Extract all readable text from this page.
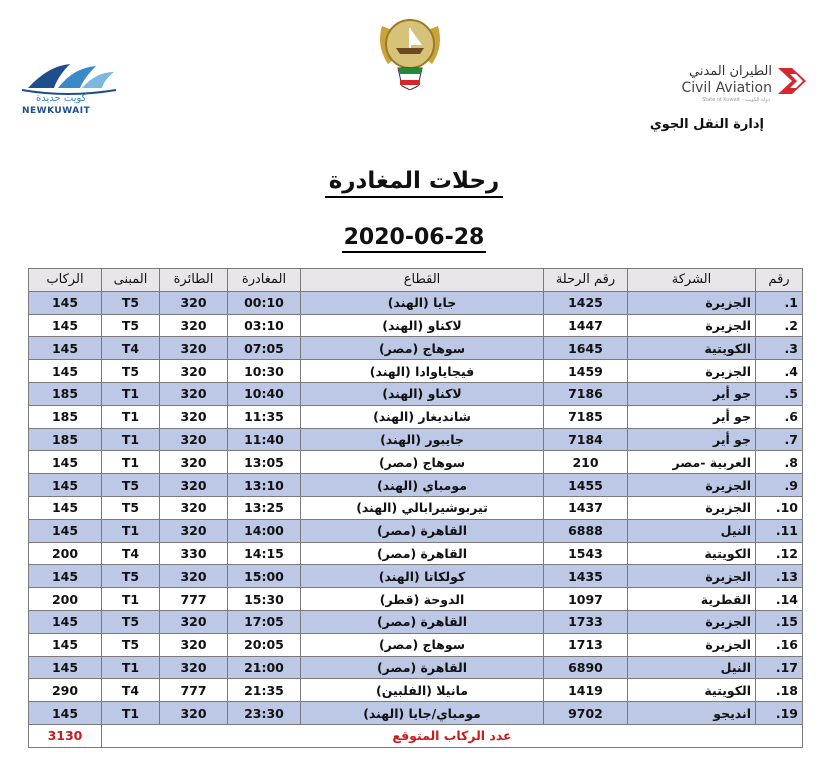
كويت جديدة
NEWKUWAIT
الطيران المدني
Civil Aviation
State of Kuwait - دولة الكويت
إدارة النقل الجوي
رحلات المغادرة
2020-06-28
رقم	الشركة	رقم الرحلة	القطاع	المغادرة	الطائرة	المبنى	الركاب
1.	الجزيرة	1425	جايا (الهند)	00:10	320	T5	145
2.	الجزيرة	1447	لاكناو (الهند)	03:10	320	T5	145
3.	الكويتية	1645	سوهاج (مصر)	07:05	320	T4	145
4.	الجزيرة	1459	فيجاياوادا (الهند)	10:30	320	T5	145
5.	جو أير	7186	لاكناو (الهند)	10:40	320	T1	185
6.	جو أير	7185	شانديغار (الهند)	11:35	320	T1	185
7.	جو أير	7184	جايبور (الهند)	11:40	320	T1	185
8.	العربية -مصر	210	سوهاج (مصر)	13:05	320	T1	145
9.	الجزيرة	1455	مومباي (الهند)	13:10	320	T5	145
10.	الجزيرة	1437	تيربوشيرابالي (الهند)	13:25	320	T5	145
11.	النيل	6888	القاهرة (مصر)	14:00	320	T1	145
12.	الكويتية	1543	القاهرة (مصر)	14:15	330	T4	200
13.	الجزيرة	1435	كولكاتا (الهند)	15:00	320	T5	145
14.	القطرية	1097	الدوحة (قطر)	15:30	777	T1	200
15.	الجزيرة	1733	القاهرة (مصر)	17:05	320	T5	145
16.	الجزيرة	1713	سوهاج (مصر)	20:05	320	T5	145
17.	النيل	6890	القاهرة (مصر)	21:00	320	T1	145
18.	الكويتية	1419	مانيلا (الفلبين)	21:35	777	T4	290
19.	انديجو	9702	مومباي/جايا (الهند)	23:30	320	T1	145
عدد الركاب المتوقع							3130
